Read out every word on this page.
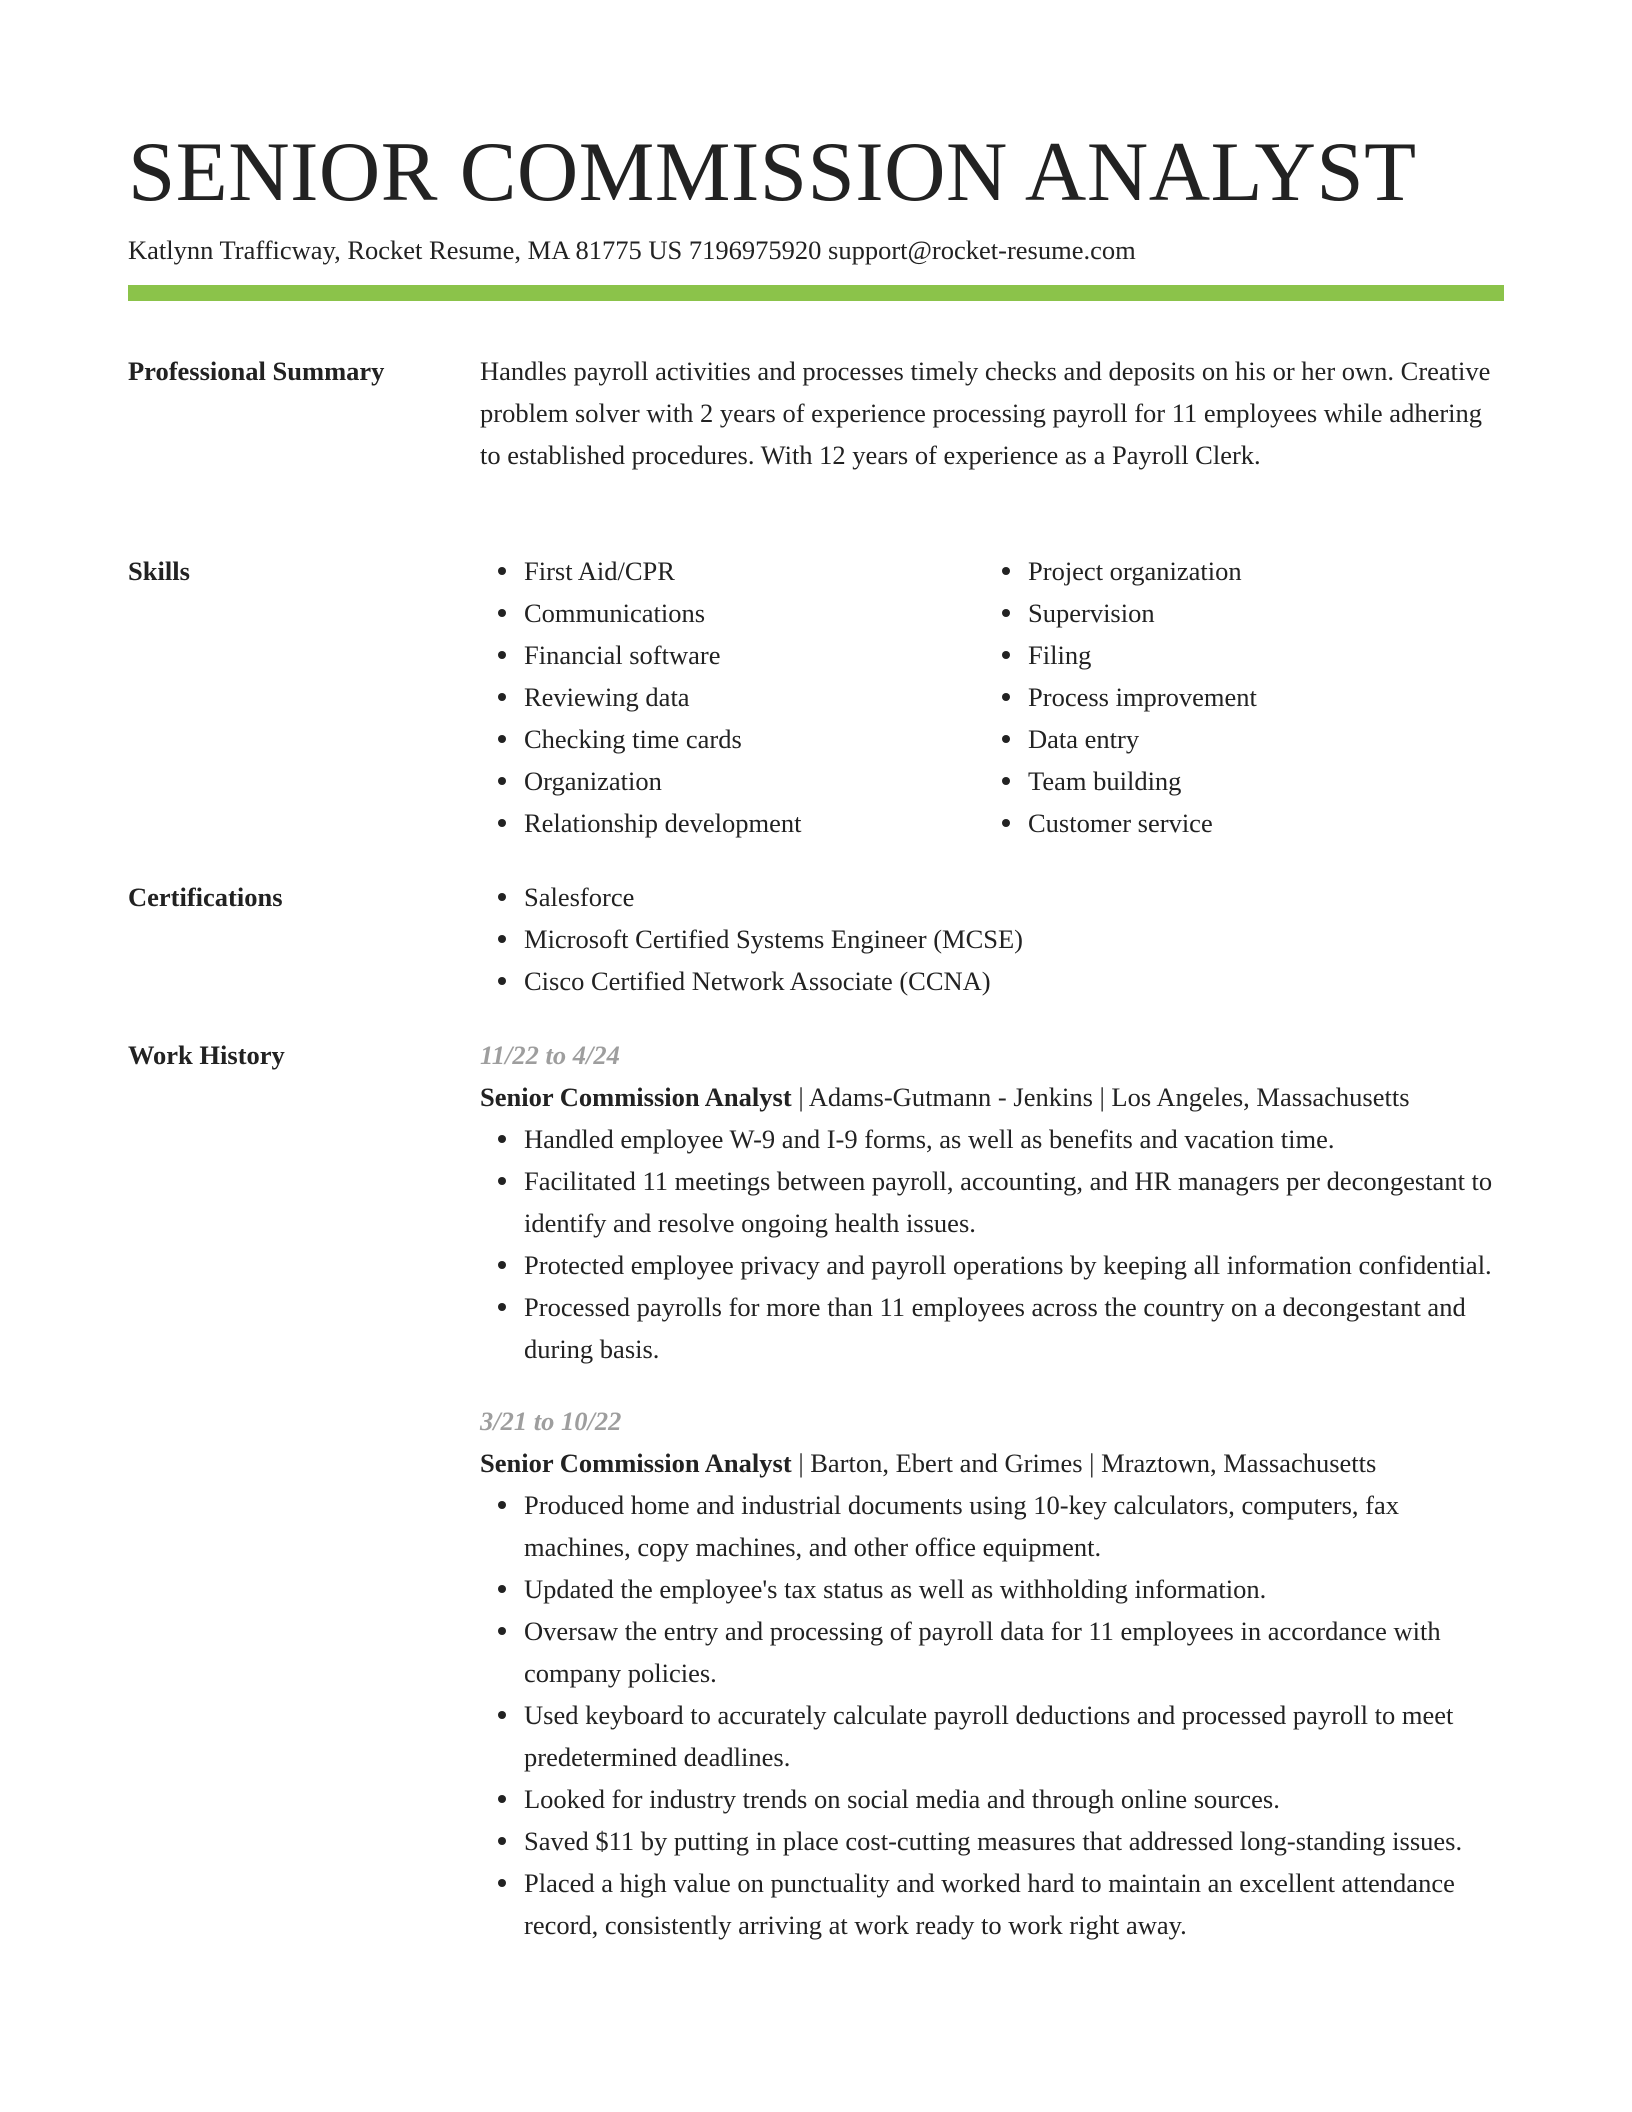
SENIOR COMMISSION ANALYST
Katlynn Trafficway, Rocket Resume, MA 81775 US 7196975920 support@rocket-resume.com
Professional Summary	Handles payroll activities and processes timely checks and deposits on his or her own. Creative problem solver with 2 years of experience processing payroll for 11 employees while adhering to established procedures. With 12 years of experience as a Payroll Clerk.

Skills	First Aid/CPR
Communications
Financial software
Reviewing data
Checking time cards
Organization
Relationship development
Project organization
Supervision
Filing
Process improvement
Data entry
Team building
Customer service
Certifications	Salesforce
Microsoft Certified Systems Engineer (MCSE)
Cisco Certified Network Associate (CCNA)
Work History	11/22 to 4/24
Senior Commission Analyst | Adams-Gutmann - Jenkins | Los Angeles, Massachusetts
Handled employee W-9 and I-9 forms, as well as benefits and vacation time.
Facilitated 11 meetings between payroll, accounting, and HR managers per decongestant to identify and resolve ongoing health issues.
Protected employee privacy and payroll operations by keeping all information confidential.
Processed payrolls for more than 11 employees across the country on a decongestant and during basis.
3/21 to 10/22
Senior Commission Analyst | Barton, Ebert and Grimes | Mraztown, Massachusetts
Produced home and industrial documents using 10-key calculators, computers, fax machines, copy machines, and other office equipment.
Updated the employee's tax status as well as withholding information.
Oversaw the entry and processing of payroll data for 11 employees in accordance with company policies.
Used keyboard to accurately calculate payroll deductions and processed payroll to meet predetermined deadlines.
Looked for industry trends on social media and through online sources.
Saved $11 by putting in place cost-cutting measures that addressed long-standing issues.
Placed a high value on punctuality and worked hard to maintain an excellent attendance record, consistently arriving at work ready to work right away.
